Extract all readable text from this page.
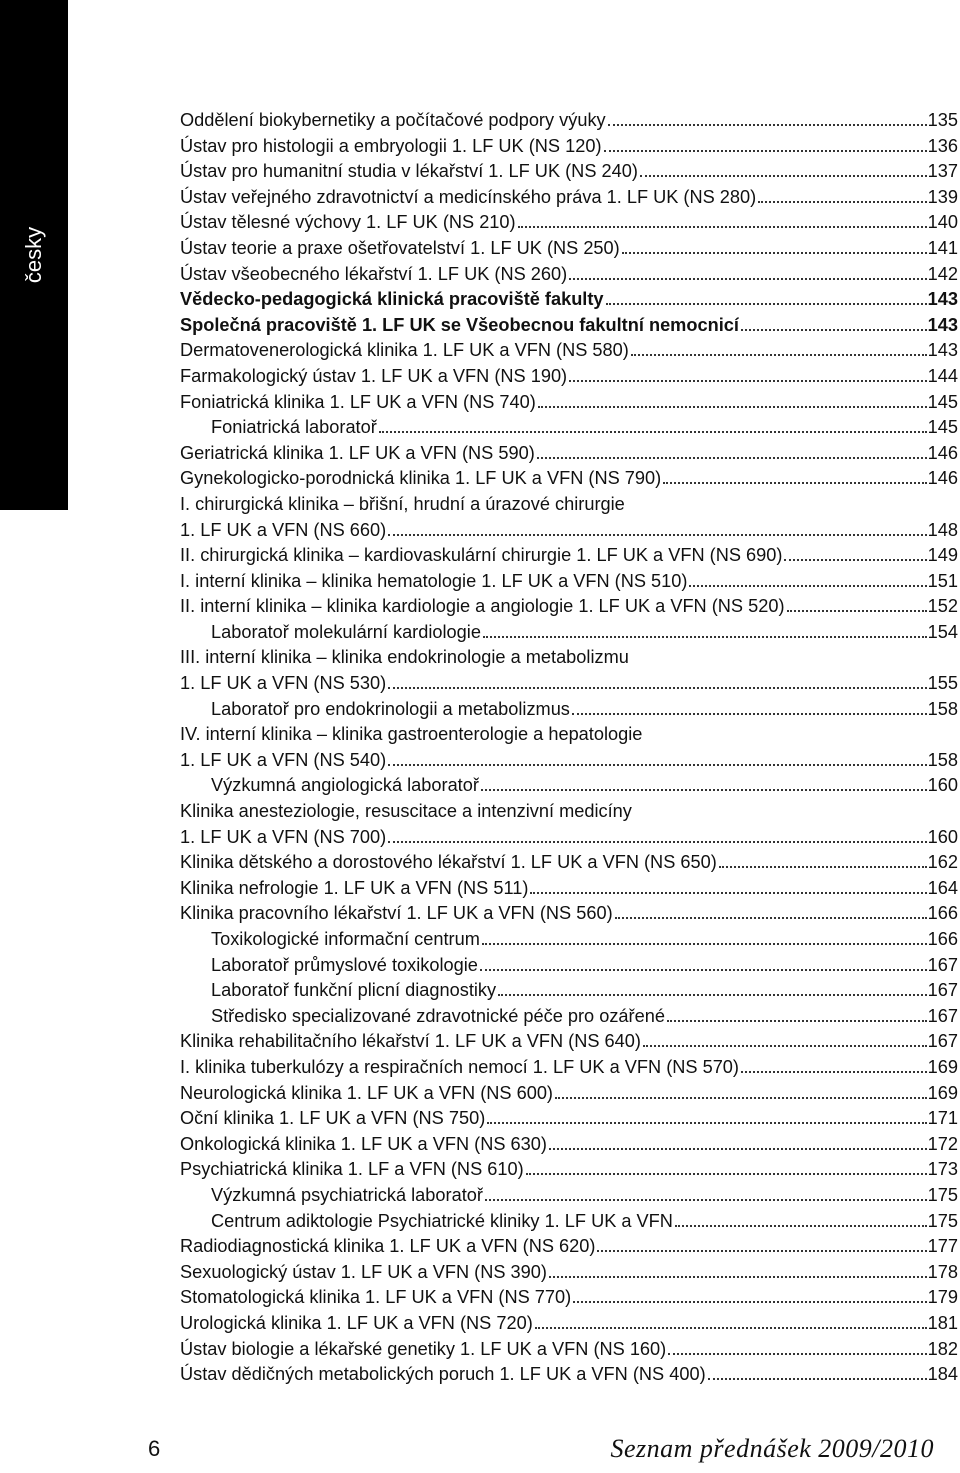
česky
Oddělení biokybernetiky a počítačové podpory výuky	135
Ústav pro histologii a embryologii 1. LF UK (NS 120)	136
Ústav pro humanitní studia v lékařství 1. LF UK (NS 240)	137
Ústav veřejného zdravotnictví a medicínského práva 1. LF UK (NS 280)	139
Ústav tělesné výchovy 1. LF UK (NS 210)	140
Ústav teorie a praxe ošetřovatelství 1. LF UK (NS 250)	141
Ústav všeobecného lékařství 1. LF UK (NS 260)	142
Vědecko-pedagogická klinická pracoviště fakulty	143
Společná pracoviště 1. LF UK se Všeobecnou fakultní nemocnicí	143
Dermatovenerologická klinika 1. LF UK a VFN (NS 580)	143
Farmakologický ústav 1. LF UK a VFN (NS 190)	144
Foniatrická klinika 1. LF UK a VFN (NS 740)	145
Foniatrická laboratoř	145
Geriatrická klinika 1. LF UK a VFN (NS 590)	146
Gynekologicko-porodnická klinika 1. LF UK a VFN (NS 790)	146
I. chirurgická klinika – břišní, hrudní a úrazové chirurgie
1. LF UK a VFN (NS 660)	148
II. chirurgická klinika – kardiovaskulární chirurgie 1. LF UK a VFN (NS 690)	149
I. interní klinika – klinika hematologie 1. LF UK a VFN (NS 510)	151
II. interní klinika – klinika kardiologie a angiologie 1. LF UK a VFN (NS 520)	152
Laboratoř molekulární kardiologie	154
III. interní klinika – klinika endokrinologie a metabolizmu
1. LF UK a VFN (NS 530)	155
Laboratoř pro endokrinologii a metabolizmus	158
IV. interní klinika – klinika gastroenterologie a hepatologie
1. LF UK a VFN (NS 540)	158
Výzkumná angiologická laboratoř	160
Klinika anesteziologie, resuscitace a intenzivní medicíny
1. LF UK a VFN (NS 700)	160
Klinika dětského a dorostového lékařství 1. LF UK a VFN (NS 650)	162
Klinika nefrologie 1. LF UK a VFN (NS 511)	164
Klinika pracovního lékařství 1. LF UK a VFN (NS 560)	166
Toxikologické informační centrum	166
Laboratoř průmyslové toxikologie	167
Laboratoř funkční plicní diagnostiky	167
Středisko specializované zdravotnické péče pro ozářené	167
Klinika rehabilitačního lékařství 1. LF UK a VFN (NS 640)	167
I. klinika tuberkulózy a respiračních nemocí 1. LF UK a VFN (NS 570)	169
Neurologická klinika 1. LF UK a VFN (NS 600)	169
Oční klinika 1. LF UK a VFN (NS 750)	171
Onkologická klinika 1. LF UK a VFN (NS 630)	172
Psychiatrická klinika 1. LF a VFN (NS 610)	173
Výzkumná psychiatrická laboratoř	175
Centrum adiktologie Psychiatrické kliniky 1. LF UK a VFN	175
Radiodiagnostická klinika 1. LF UK a VFN (NS 620)	177
Sexuologický ústav 1. LF UK a VFN (NS 390)	178
Stomatologická klinika 1. LF UK a VFN (NS 770)	179
Urologická klinika 1. LF UK a VFN (NS 720)	181
Ústav biologie a lékařské genetiky 1. LF UK a VFN (NS 160)	182
Ústav dědičných metabolických poruch 1. LF UK a VFN (NS 400)	184
6	Seznam přednášek 2009/2010
